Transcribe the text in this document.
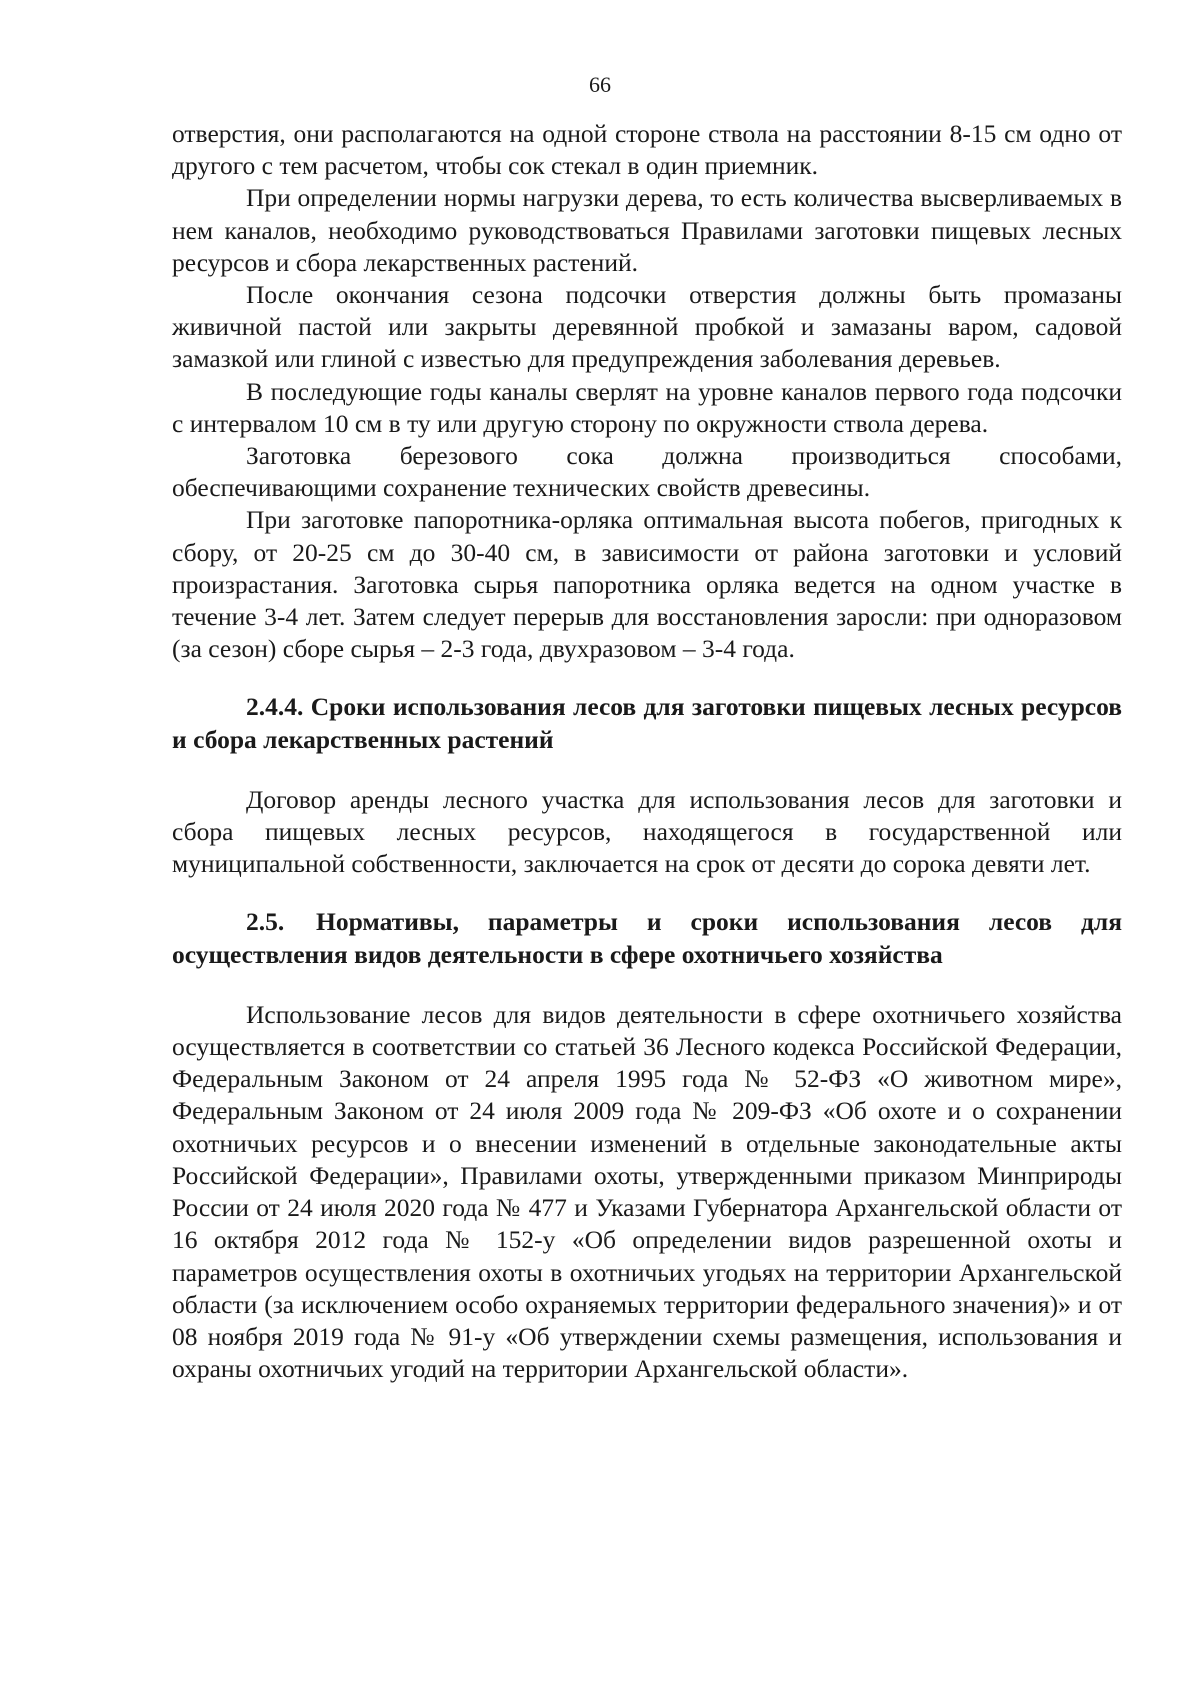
66

отверстия, они располагаются на одной стороне ствола на расстоянии 8-15 см одно от другого с тем расчетом, чтобы сок стекал в один приемник.

При определении нормы нагрузки дерева, то есть количества высверливаемых в нем каналов, необходимо руководствоваться Правилами заготовки пищевых лесных ресурсов и сбора лекарственных растений.

После окончания сезона подсочки отверстия должны быть промазаны живичной пастой или закрыты деревянной пробкой и замазаны варом, садовой замазкой или глиной с известью для предупреждения заболевания деревьев.

В последующие годы каналы сверлят на уровне каналов первого года подсочки с интервалом 10 см в ту или другую сторону по окружности ствола дерева.

Заготовка березового сока должна производиться способами, обеспечивающими сохранение технических свойств древесины.

При заготовке папоротника-орляка оптимальная высота побегов, пригодных к сбору, от 20-25 см до 30-40 см, в зависимости от района заготовки и условий произрастания. Заготовка сырья папоротника орляка ведется на одном участке в течение 3-4 лет. Затем следует перерыв для восстановления заросли: при одноразовом (за сезон) сборе сырья – 2-3 года, двухразовом – 3-4 года.

2.4.4. Сроки использования лесов для заготовки пищевых лесных ресурсов и сбора лекарственных растений

Договор аренды лесного участка для использования лесов для заготовки и сбора пищевых лесных ресурсов, находящегося в государственной или муниципальной собственности, заключается на срок от десяти до сорока девяти лет.

2.5. Нормативы, параметры и сроки использования лесов для осуществления видов деятельности в сфере охотничьего хозяйства

Использование лесов для видов деятельности в сфере охотничьего хозяйства осуществляется в соответствии со статьей 36 Лесного кодекса Российской Федерации, Федеральным Законом от 24 апреля 1995 года № 52-ФЗ «О животном мире», Федеральным Законом от 24 июля 2009 года № 209-ФЗ «Об охоте и о сохранении охотничьих ресурсов и о внесении изменений в отдельные законодательные акты Российской Федерации», Правилами охоты, утвержденными приказом Минприроды России от 24 июля 2020 года № 477 и Указами Губернатора Архангельской области от 16 октября 2012 года № 152-у «Об определении видов разрешенной охоты и параметров осуществления охоты в охотничьих угодьях на территории Архангельской области (за исключением особо охраняемых территории федерального значения)» и от 08 ноября 2019 года № 91-у «Об утверждении схемы размещения, использования и охраны охотничьих угодий на территории Архангельской области».
